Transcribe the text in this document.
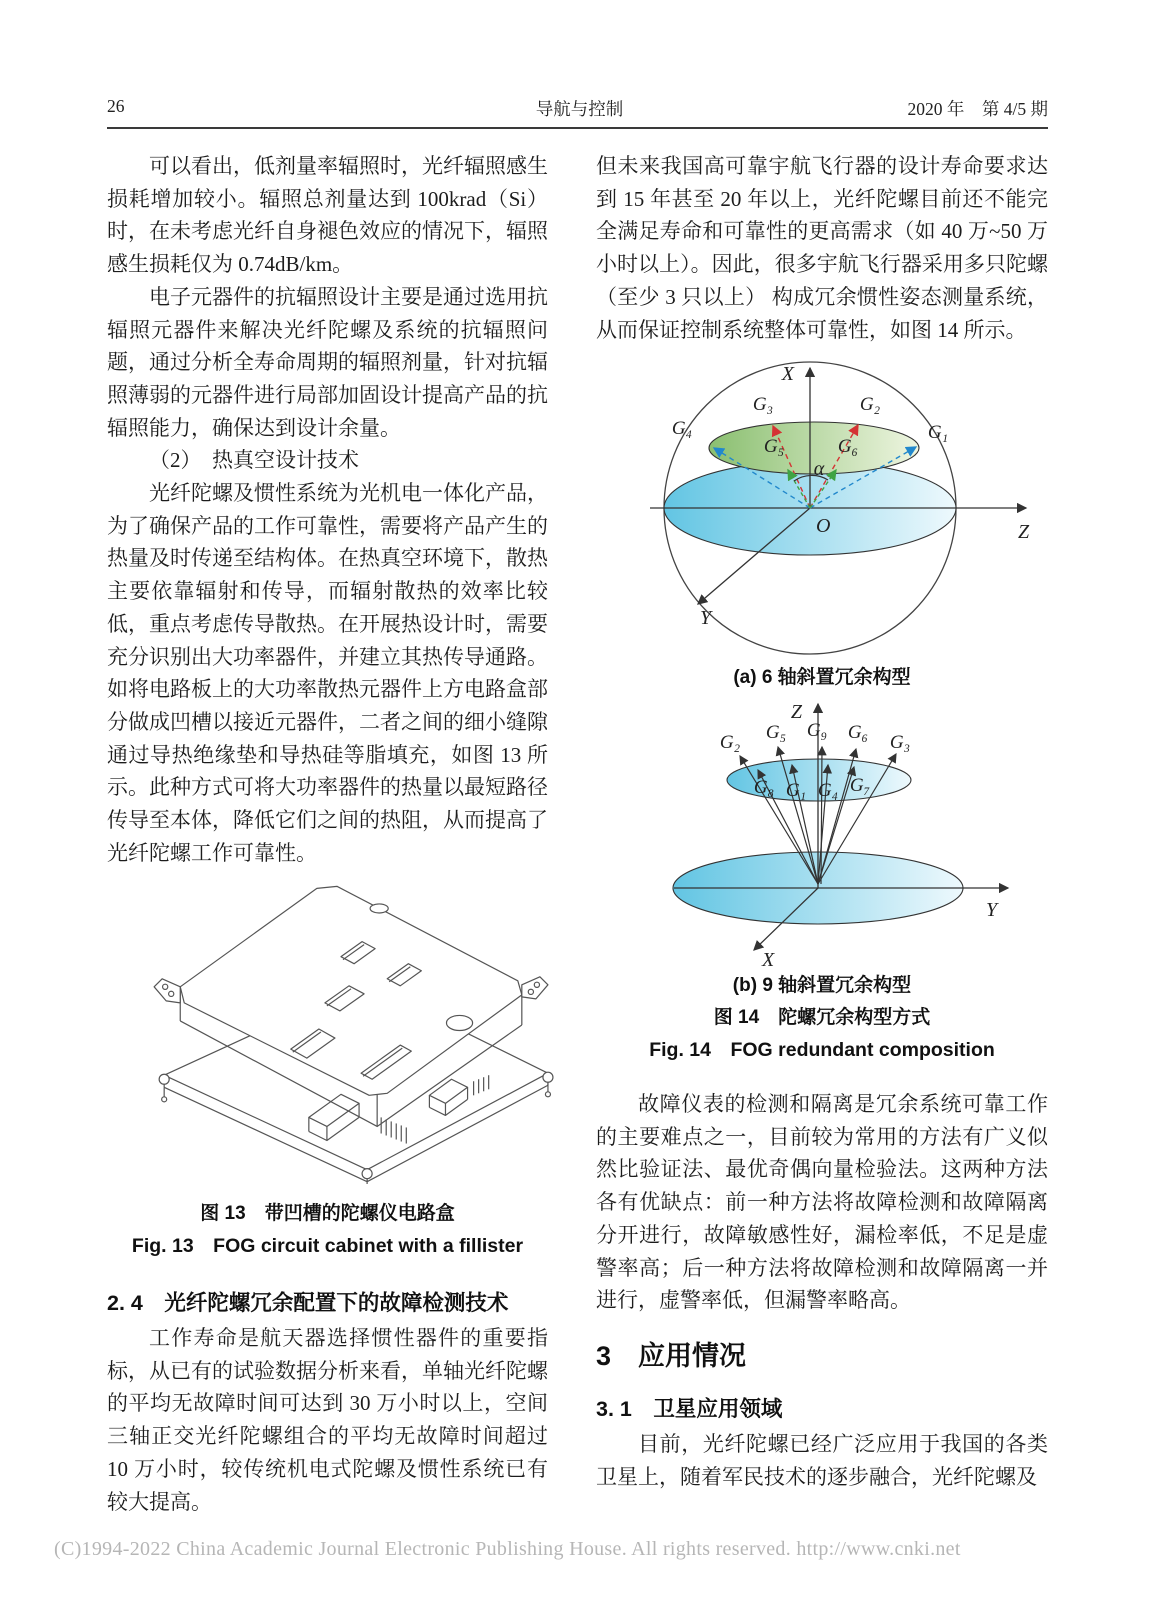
26	导航与控制	2020 年　第 4/5 期
可以看出，低剂量率辐照时，光纤辐照感生损耗增加较小。辐照总剂量达到 100krad（Si） 时，在未考虑光纤自身褪色效应的情况下，辐照感生损耗仅为 0.74dB/km。
电子元器件的抗辐照设计主要是通过选用抗辐照元器件来解决光纤陀螺及系统的抗辐照问题，通过分析全寿命周期的辐照剂量，针对抗辐照薄弱的元器件进行局部加固设计提高产品的抗辐照能力，确保达到设计余量。
（2）　热真空设计技术
光纤陀螺及惯性系统为光机电一体化产品，为了确保产品的工作可靠性，需要将产品产生的热量及时传递至结构体。在热真空环境下，散热主要依靠辐射和传导，而辐射散热的效率比较低，重点考虑传导散热。在开展热设计时，需要充分识别出大功率器件，并建立其热传导通路。如将电路板上的大功率散热元器件上方电路盒部分做成凹槽以接近元器件，二者之间的细小缝隙通过导热绝缘垫和导热硅等脂填充，如图 13 所示。此种方式可将大功率器件的热量以最短路径传导至本体，降低它们之间的热阻，从而提高了光纤陀螺工作可靠性。
图 13　带凹槽的陀螺仪电路盒
Fig. 13　FOG circuit cabinet with a fillister
2. 4　光纤陀螺冗余配置下的故障检测技术
工作寿命是航天器选择惯性器件的重要指标，从已有的试验数据分析来看，单轴光纤陀螺的平均无故障时间可达到 30 万小时以上，空间三轴正交光纤陀螺组合的平均无故障时间超过 10 万小时，较传统机电式陀螺及惯性系统已有较大提高。
但未来我国高可靠宇航飞行器的设计寿命要求达到 15 年甚至 20 年以上，光纤陀螺目前还不能完全满足寿命和可靠性的更高需求（如 40 万~50 万小时以上）。因此，很多宇航飞行器采用多只陀螺（至少 3 只以上） 构成冗余惯性姿态测量系统，从而保证控制系统整体可靠性，如图 14 所示。
X
Z
Y
O
α
G₄
G₃
G₅
G₂
G₆
G₁
(a) 6 轴斜置冗余构型
Z
Y
X
G₂ G₅ G₉ G₆ G₃
G₈ G₁ G₄ G₇
(b) 9 轴斜置冗余构型
图 14　陀螺冗余构型方式
Fig. 14　FOG redundant composition
故障仪表的检测和隔离是冗余系统可靠工作的主要难点之一，目前较为常用的方法有广义似然比验证法、最优奇偶向量检验法。这两种方法各有优缺点：前一种方法将故障检测和故障隔离分开进行，故障敏感性好，漏检率低，不足是虚警率高；后一种方法将故障检测和故障隔离一并进行，虚警率低，但漏警率略高。
3　应用情况
3. 1　卫星应用领域
目前，光纤陀螺已经广泛应用于我国的各类卫星上，随着军民技术的逐步融合，光纤陀螺及
(C)1994-2022 China Academic Journal Electronic Publishing House. All rights reserved. http://www.cnki.net
